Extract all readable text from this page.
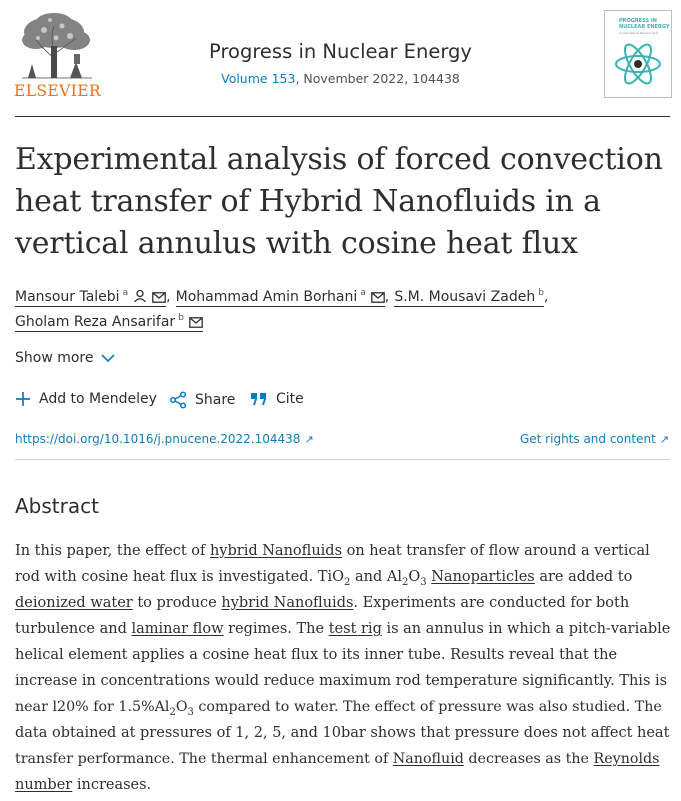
ELSEVIER
Progress in Nuclear Energy
Volume 153, November 2022, 104438
PROGRESS IN
NUCLEAR ENERGY
An International Review Journal
Experimental analysis of forced convection
heat transfer of Hybrid Nanofluids in a
vertical annulus with cosine heat flux
Mansour Talebi $^a$	, Mohammad Amin Borhani $^a$ , S.M. Mousavi Zadeh $^b$,
Gholam Reza Ansarifar $^b$
Show more
Add to Mendeley	Share	Cite
https://doi.org/10.1016/j.pnucene.2022.104438 ↗	Get rights and content ↗
Abstract
In this paper, the effect of hybrid Nanofluids on heat transfer of flow around a vertical
rod with cosine heat flux is investigated. TiO$_2$ and $Al_2O_3$ Nanoparticles are added to
deionized water to produce hybrid Nanofluids. Experiments are conducted for both
turbulence and laminar flow regimes. The test rig is an annulus in which a pitch-variable
helical element applies a cosine heat flux to its inner tube. Results reveal that the
increase in concentrations would reduce maximum rod temperature significantly. This is
near l20% for $1.5\%Al_2O_3$ compared to water. The effect of pressure was also studied. The
data obtained at pressures of 1, 2, 5, and 10bar shows that pressure does not affect heat
transfer performance. The thermal enhancement of Nanofluid decreases as the Reynolds
number increases.
